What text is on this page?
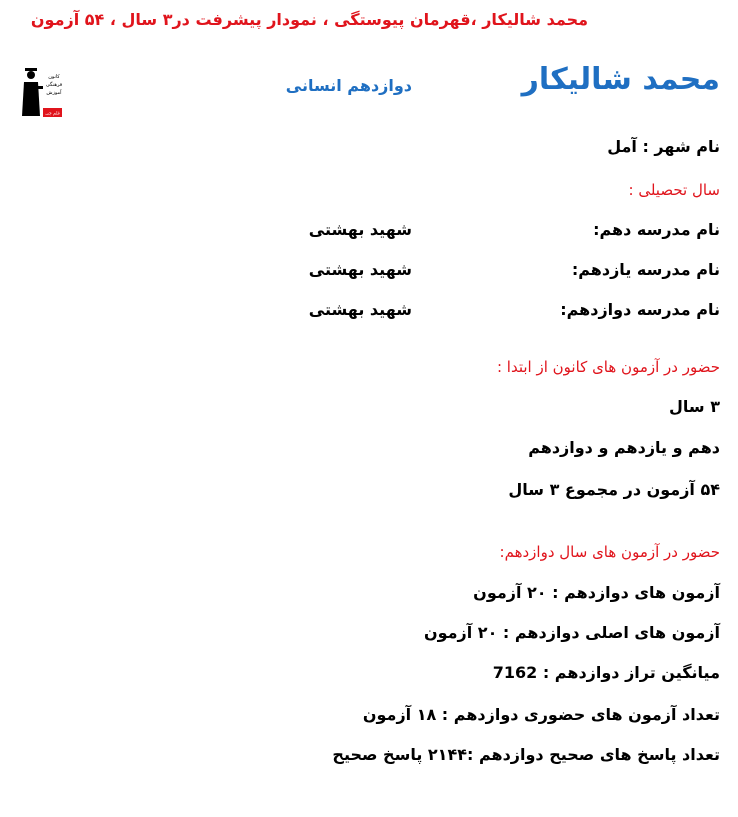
محمد شالیکار ،قهرمان پیوستگی ، نمودار پیشرفت در۳ سال ، ۵۴ آزمون
کانون
فرهنگی
آموزش
قلم چی
محمد شالیکار
دوازدهم انسانی
نام شهر : آمل
سال تحصیلی :
نام مدرسه دهم:
شهید بهشتی
نام مدرسه یازدهم:
شهید بهشتی
نام مدرسه دوازدهم:
شهید بهشتی
حضور در آزمون های کانون از ابتدا :
۳ سال
دهم و یازدهم و دوازدهم
۵۴ آزمون در مجموع ۳ سال
حضور در آزمون های سال دوازدهم:
آزمون های دوازدهم : ۲۰ آزمون
آزمون های اصلی دوازدهم : ۲۰ آزمون
میانگین تراز دوازدهم : 7162
تعداد آزمون های حضوری دوازدهم : ۱۸ آزمون
تعداد پاسخ های صحیح دوازدهم :۲۱۴۴ پاسخ صحیح
